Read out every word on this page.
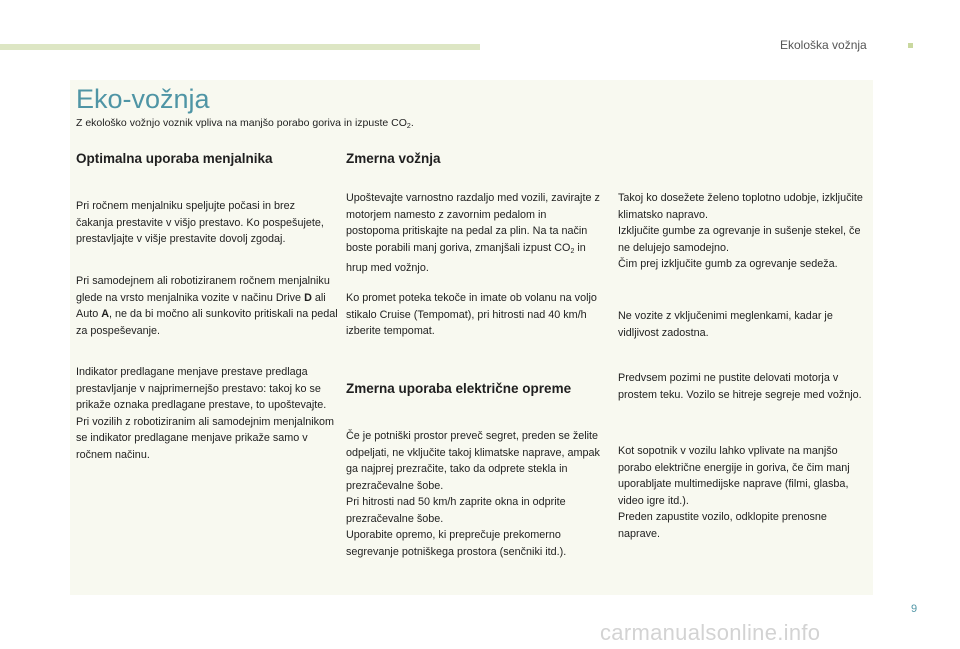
Ekološka vožnja
Eko-vožnja
Z ekološko vožnjo voznik vpliva na manjšo porabo goriva in izpuste $CO_2$.
Optimalna uporaba menjalnika

Pri ročnem menjalniku speljujte počasi in brez čakanja prestavite v višjo prestavo. Ko pospešujete, prestavljajte v višje prestavite dovolj zgodaj.

Pri samodejnem ali robotiziranem ročnem menjalniku glede na vrsto menjalnika vozite v načinu Drive D ali Auto A, ne da bi močno ali sunkovito pritiskali na pedal za pospeševanje.

Indikator predlagane menjave prestave predlaga prestavljanje v najprimernejšo prestavo: takoj ko se prikaže oznaka predlagane prestave, to upoštevajte.
Pri vozilih z robotiziranim ali samodejnim menjalnikom se indikator predlagane menjave prikaže samo v ročnem načinu.
Zmerna vožnja

Upoštevajte varnostno razdaljo med vozili, zavirajte z motorjem namesto z zavornim pedalom in postopoma pritiskajte na pedal za plin. Na ta način boste porabili manj goriva, zmanjšali izpust $CO_2$ in hrup med vožnjo.

Ko promet poteka tekoče in imate ob volanu na voljo stikalo Cruise (Tempomat), pri hitrosti nad 40 km/h izberite tempomat.

Zmerna uporaba električne opreme
Če je potniški prostor preveč segret, preden se želite odpeljati, ne vključite takoj klimatske naprave, ampak ga najprej prezračite, tako da odprete stekla in prezračevalne šobe.
Pri hitrosti nad 50 km/h zaprite okna in odprite prezračevalne šobe.
Uporabite opremo, ki preprečuje prekomerno segrevanje potniškega prostora (senčniki itd.).
Takoj ko dosežete želeno toplotno udobje, izključite klimatsko napravo.
Izključite gumbe za ogrevanje in sušenje stekel, če ne delujejo samodejno.
Čim prej izključite gumb za ogrevanje sedeža.

Ne vozite z vključenimi meglenkami, kadar je vidljivost zadostna.

Predvsem pozimi ne pustite delovati motorja v prostem teku. Vozilo se hitreje segreje med vožnjo.

Kot sopotnik v vozilu lahko vplivate na manjšo porabo električne energije in goriva, če čim manj uporabljate multimedijske naprave (filmi, glasba, video igre itd.).
Preden zapustite vozilo, odklopite prenosne naprave.
9
carmanualsonline.info
